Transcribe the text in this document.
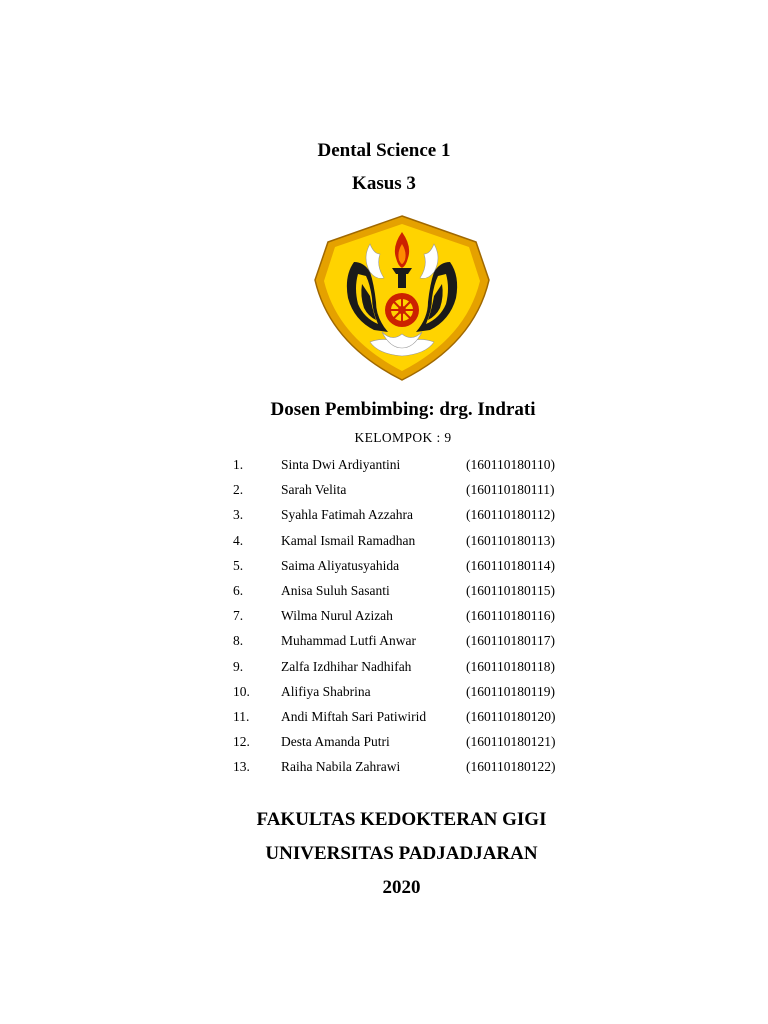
Dental Science 1
Kasus 3
Dosen Pembimbing: drg. Indrati
KELOMPOK : 9
1.	Sinta Dwi Ardiyantini	(160110180110)
2.	Sarah Velita	(160110180111)
3.	Syahla Fatimah Azzahra	(160110180112)
4.	Kamal Ismail Ramadhan	(160110180113)
5.	Saima Aliyatusyahida	(160110180114)
6.	Anisa Suluh Sasanti	(160110180115)
7.	Wilma Nurul Azizah	(160110180116)
8.	Muhammad Lutfi Anwar	(160110180117)
9.	Zalfa Izdhihar Nadhifah	(160110180118)
10. Alifiya Shabrina	(160110180119)
11. Andi Miftah Sari Patiwirid	(160110180120)
12. Desta Amanda Putri	(160110180121)
13. Raiha Nabila Zahrawi	(160110180122)
FAKULTAS KEDOKTERAN GIGI
UNIVERSITAS PADJADJARAN
2020
